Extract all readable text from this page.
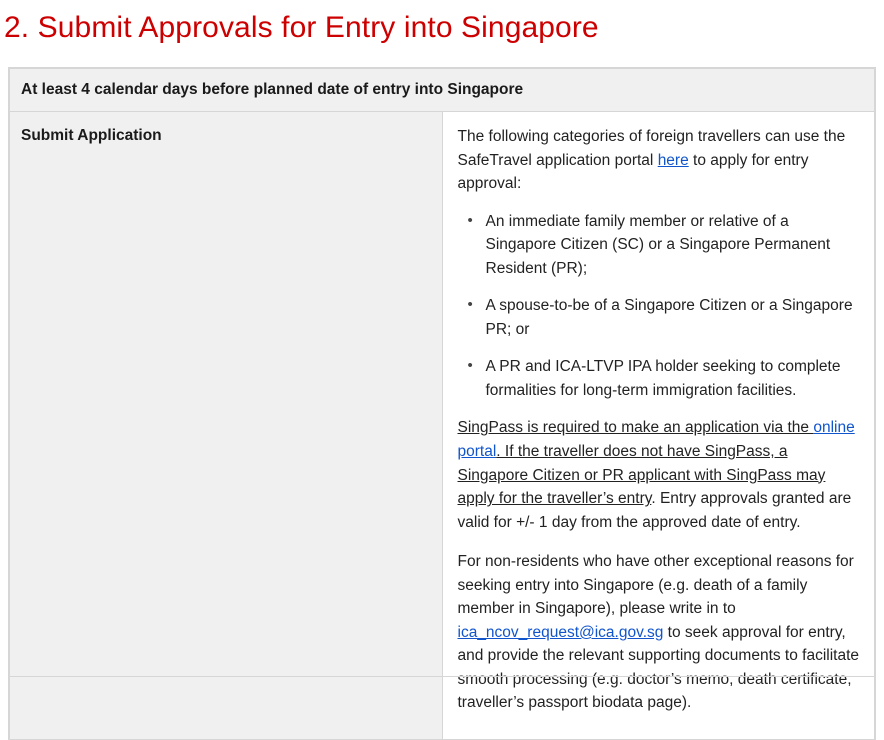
2. Submit Approvals for Entry into Singapore
At least 4 calendar days before planned date of entry into Singapore
Submit Application	The following categories of foreign travellers can use the SafeTravel application portal here to apply for entry approval:

• An immediate family member or relative of a Singapore Citizen (SC) or a Singapore Permanent Resident (PR);
• A spouse-to-be of a Singapore Citizen or a Singapore PR; or
• A PR and ICA-LTVP IPA holder seeking to complete formalities for long-term immigration facilities.

SingPass is required to make an application via the online portal. If the traveller does not have SingPass, a Singapore Citizen or PR applicant with SingPass may apply for the traveller’s entry. Entry approvals granted are valid for +/- 1 day from the approved date of entry.

For non-residents who have other exceptional reasons for seeking entry into Singapore (e.g. death of a family member in Singapore), please write in to ica_ncov_request@ica.gov.sg to seek approval for entry, and provide the relevant supporting documents to facilitate smooth processing (e.g. doctor’s memo, death certificate, traveller’s passport biodata page).
